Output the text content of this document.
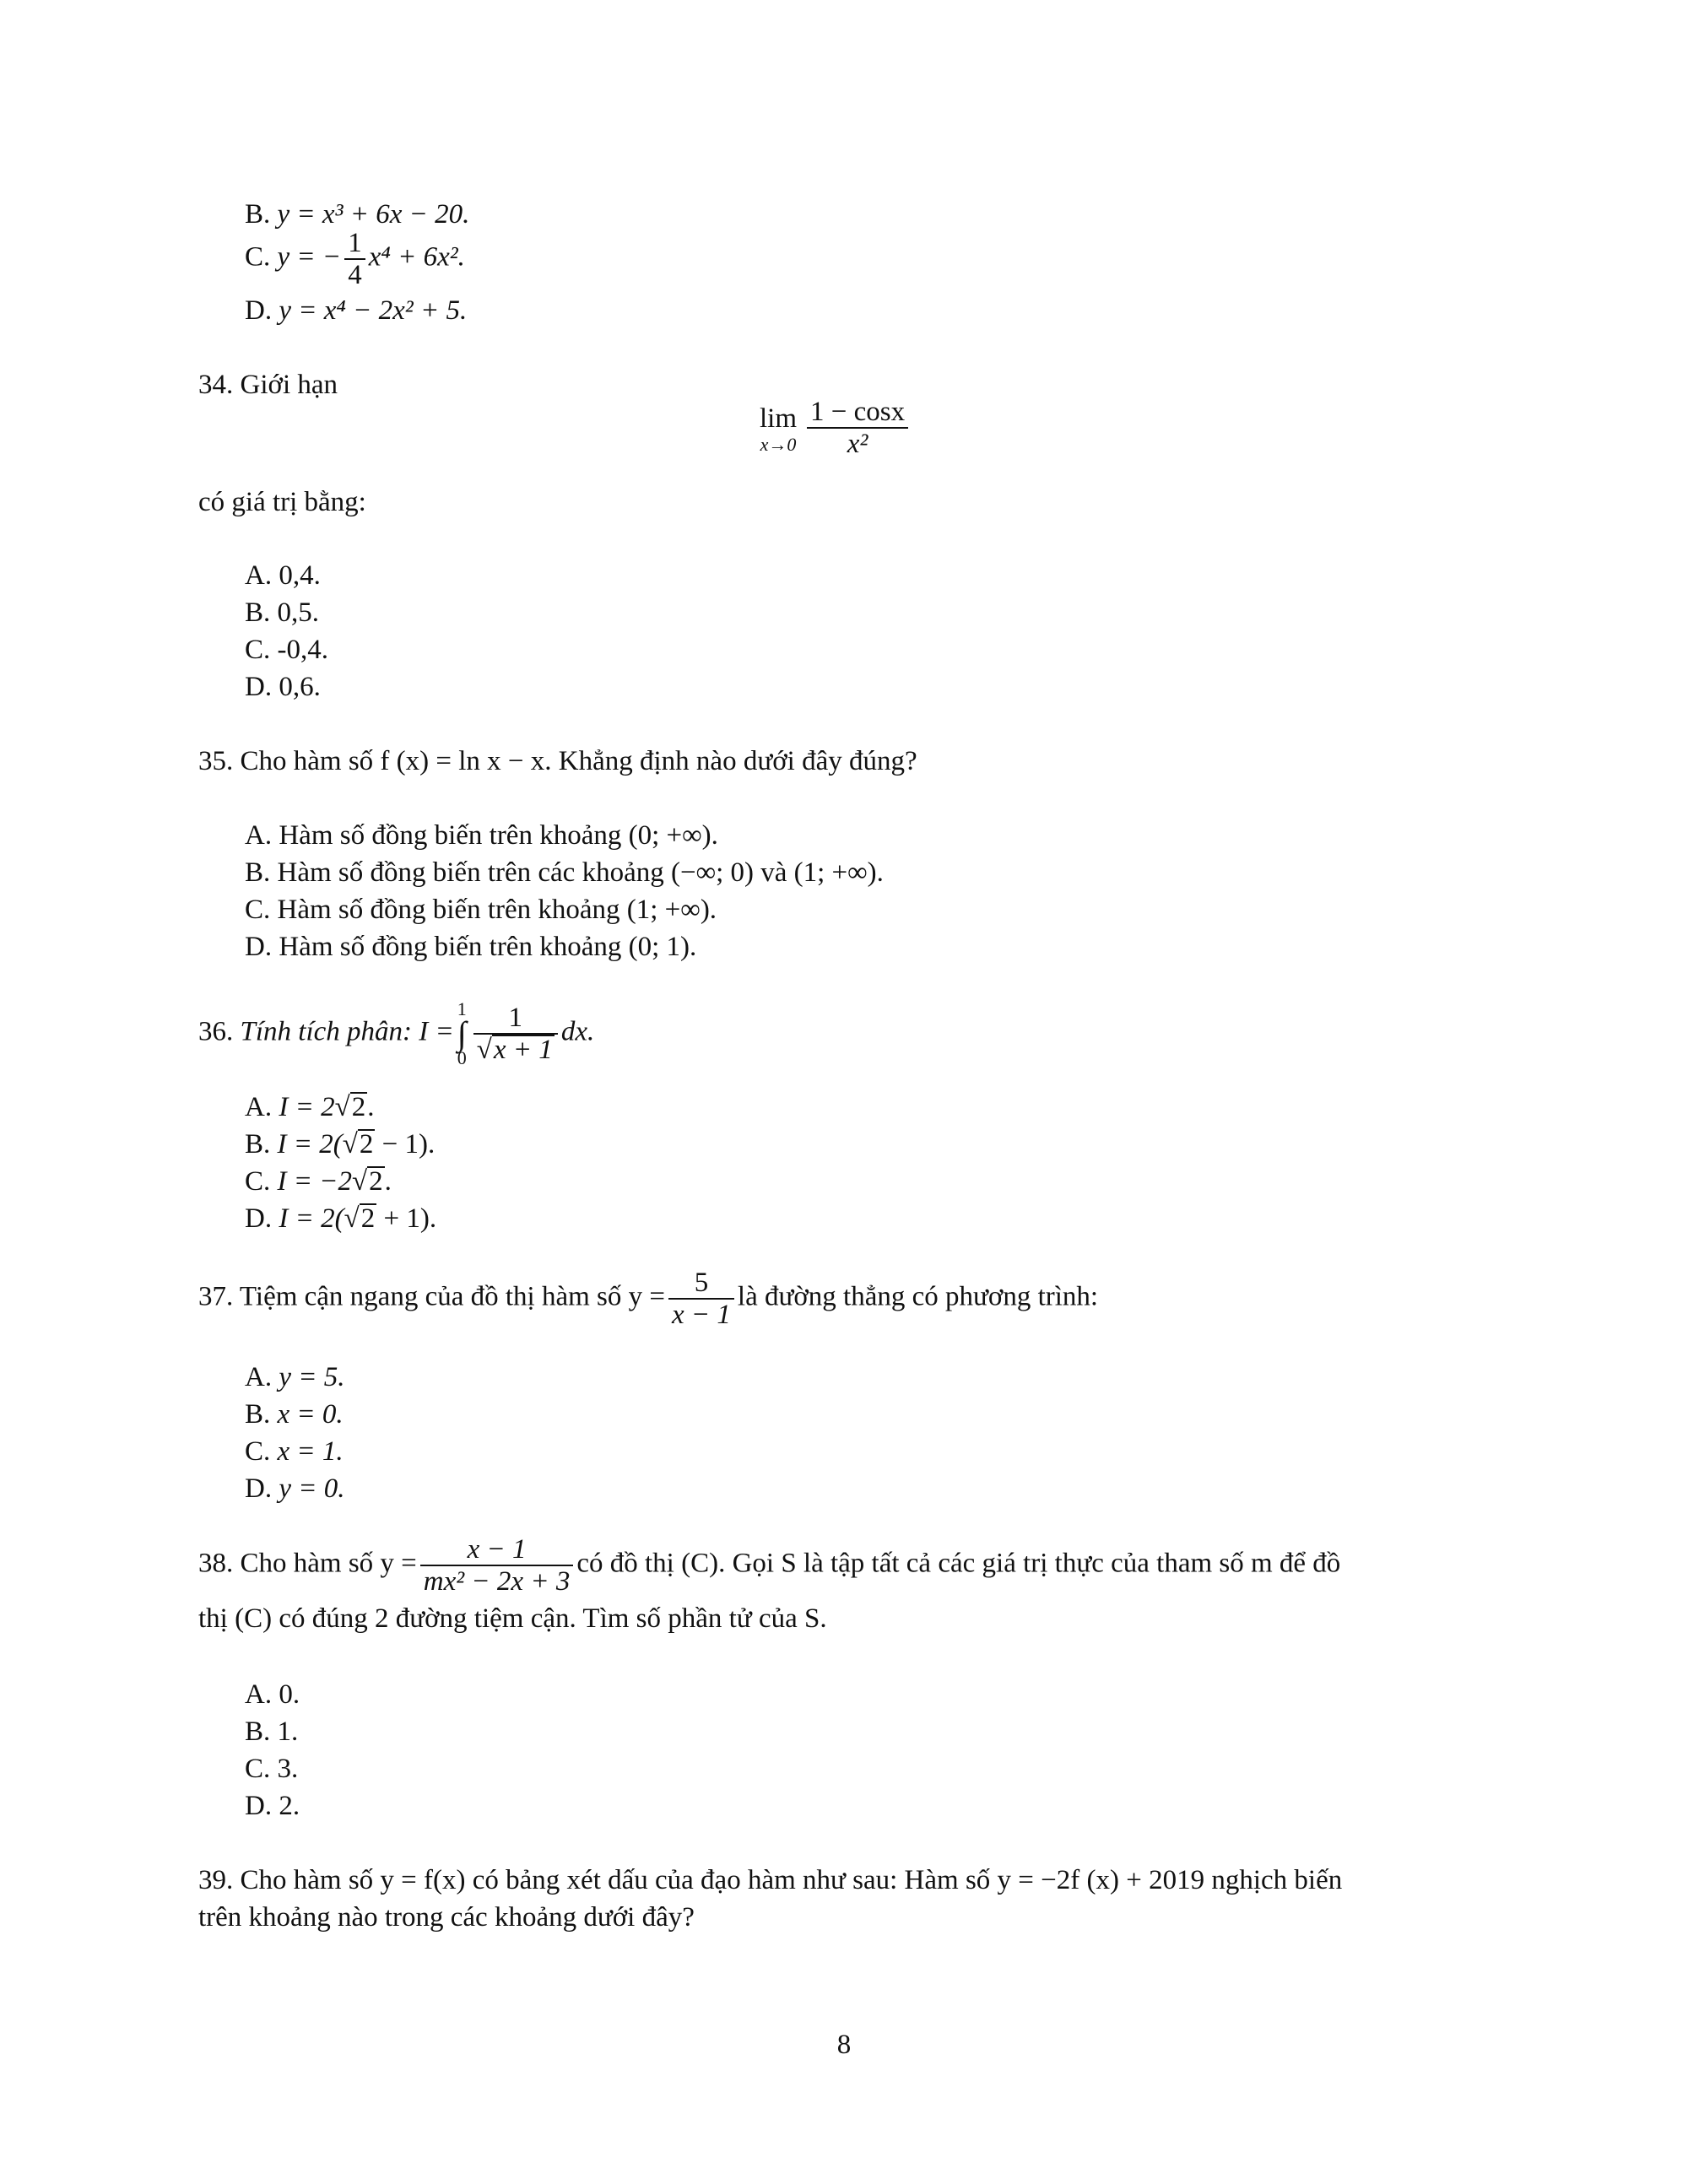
B. y = x³ + 6x − 20.
C. y = − $\frac{1}{4} x^4 + 6x^2$.
D. y = x⁴ − 2x² + 5.
34. Giới hạn
lim
$x\to 0 \frac{1 - \cos x}{\text{x²}}$
có giá trị bằng:
A. 0,4.
B. 0,5.
C. -0,4.
D. 0,6.
35. Cho hàm số f (x) = ln x − x. Khẳng định nào dưới đây đúng?
A. Hàm số đồng biến trên khoảng (0; +∞).
B. Hàm số đồng biến trên các khoảng (−∞; 0) và (1; +∞).
C. Hàm số đồng biến trên khoảng (1; +∞).
D. Hàm số đồng biến trên khoảng (0; 1).
36. Tính tích phân: I =
1
∫
$0 \frac{1}{√x + 1}$ dx.
A. I = 2√2.
B. I = 2(√2 − 1).
C. I = −2√2.
D. I = 2(√2 + 1).
37. Tiệm cận ngang của đồ thị hàm số $y = \frac{5}{x - 1}$ là đường thẳng có phương trình:
A. y = 5.
B. x = 0.
C. x = 1.
D. y = 0.
38. Cho hàm số $y = \frac{x - 1}{\text{mx² − 2x + 3}}$ có đồ thị (C). Gọi S là tập tất cả các giá trị thực của tham số m để đồ
thị (C) có đúng 2 đường tiệm cận. Tìm số phần tử của S.
A. 0.
B. 1.
C. 3.
D. 2.
39. Cho hàm số y = f(x) có bảng xét dấu của đạo hàm như sau: Hàm số y = −2f (x) + 2019 nghịch biến
trên khoảng nào trong các khoảng dưới đây?
8
